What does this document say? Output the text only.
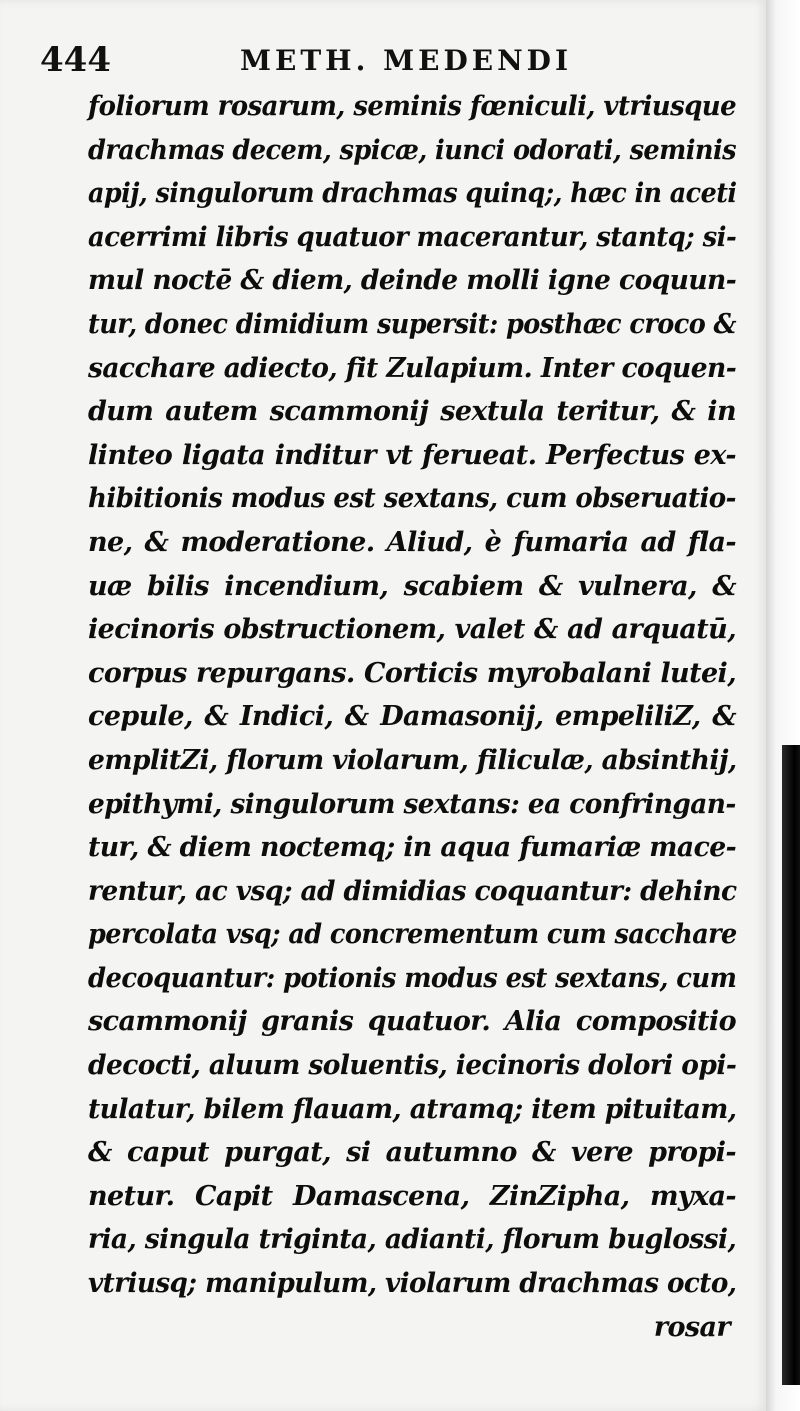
444	METH. MEDENDI
foliorum rosarum, seminis fœniculi, vtriusque
drachmas decem, spicæ, iunci odorati, seminis
apij, singulorum drachmas quinq;, hæc in aceti
acerrimi libris quatuor macerantur, stantq; si-
mul noctē & diem, deinde molli igne coquun-
tur, donec dimidium supersit: posthæc croco &
sacchare adiecto, fit Zulapium. Inter coquen-
dum autem scammonij sextula teritur, & in
linteo ligata inditur vt ferueat. Perfectus ex-
hibitionis modus est sextans, cum obseruatio-
ne, & moderatione. Aliud, è fumaria ad fla-
uæ bilis incendium, scabiem & vulnera, &
iecinoris obstructionem, valet & ad arquatū,
corpus repurgans. Corticis myrobalani lutei,
cepule, & Indici, & Damasonij, empeliliZ, &
emplitZi, florum violarum, filiculæ, absinthij,
epithymi, singulorum sextans: ea confringan-
tur, & diem noctemq; in aqua fumariæ mace-
rentur, ac vsq; ad dimidias coquantur: dehinc
percolata vsq; ad concrementum cum sacchare
decoquantur: potionis modus est sextans, cum
scammonij granis quatuor. Alia compositio
decocti, aluum soluentis, iecinoris dolori opi-
tulatur, bilem flauam, atramq; item pituitam,
& caput purgat, si autumno & vere propi-
netur. Capit Damascena, ZinZipha, myxa-
ria, singula triginta, adianti, florum buglossi,
vtriusq; manipulum, violarum drachmas octo,
rosar
